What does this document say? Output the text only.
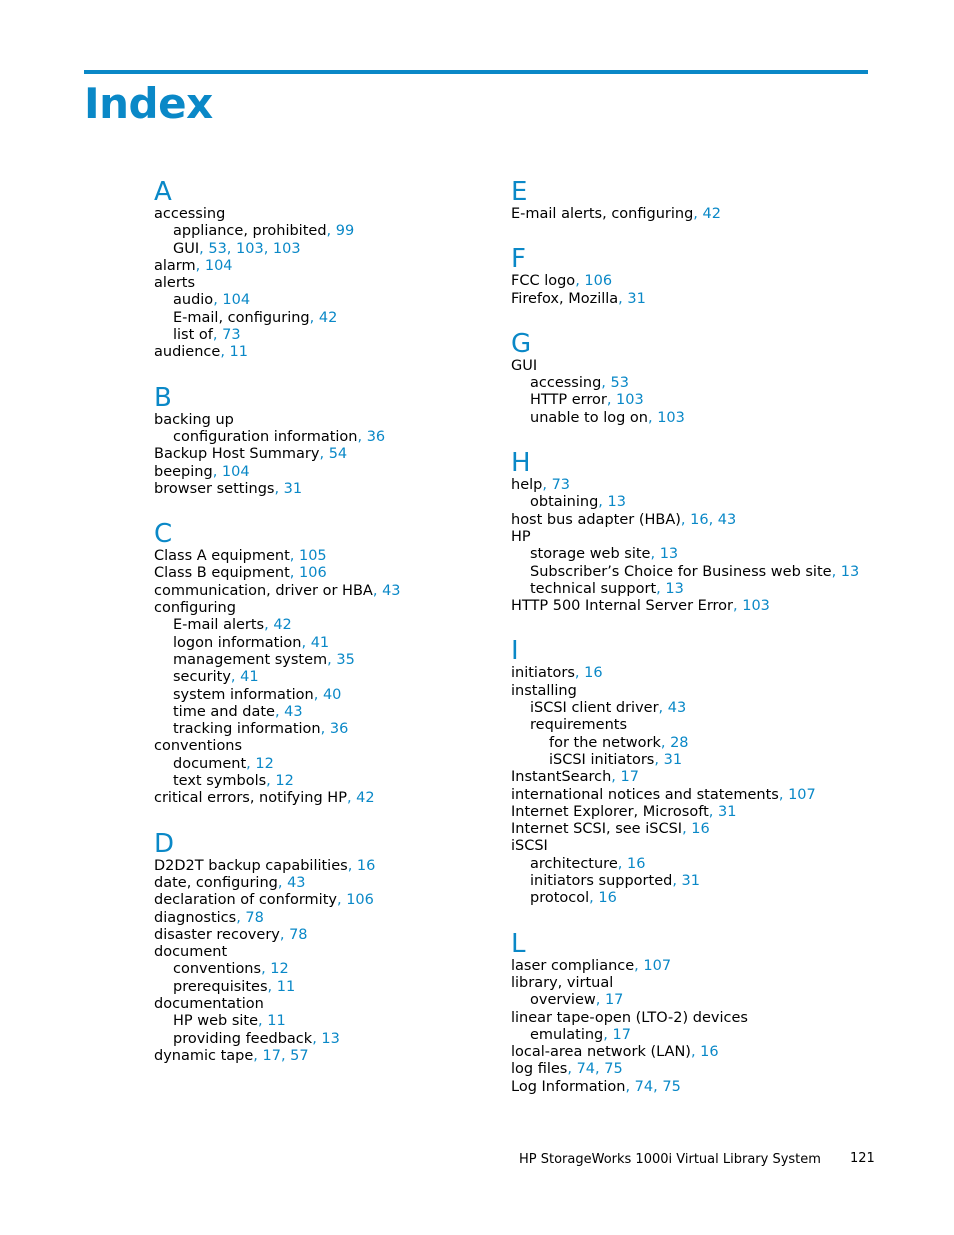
Index
A
accessing
appliance, prohibited, 99
GUI, 53, 103, 103
alarm, 104
alerts
audio, 104
E-mail, configuring, 42
list of, 73
audience, 11
B
backing up
configuration information, 36
Backup Host Summary, 54
beeping, 104
browser settings, 31
C
Class A equipment, 105
Class B equipment, 106
communication, driver or HBA, 43
configuring
E-mail alerts, 42
logon information, 41
management system, 35
security, 41
system information, 40
time and date, 43
tracking information, 36
conventions
document, 12
text symbols, 12
critical errors, notifying HP, 42
D
D2D2T backup capabilities, 16
date, configuring, 43
declaration of conformity, 106
diagnostics, 78
disaster recovery, 78
document
conventions, 12
prerequisites, 11
documentation
HP web site, 11
providing feedback, 13
dynamic tape, 17, 57
E
E-mail alerts, configuring, 42
F
FCC logo, 106
Firefox, Mozilla, 31
G
GUI
accessing, 53
HTTP error, 103
unable to log on, 103
H
help, 73
obtaining, 13
host bus adapter (HBA), 16, 43
HP
storage web site, 13
Subscriber’s Choice for Business web site, 13
technical support, 13
HTTP 500 Internal Server Error, 103
I
initiators, 16
installing
iSCSI client driver, 43
requirements
for the network, 28
iSCSI initiators, 31
InstantSearch, 17
international notices and statements, 107
Internet Explorer, Microsoft, 31
Internet SCSI, see iSCSI, 16
iSCSI
architecture, 16
initiators supported, 31
protocol, 16
L
laser compliance, 107
library, virtual
overview, 17
linear tape-open (LTO-2) devices
emulating, 17
local-area network (LAN), 16
log files, 74, 75
Log Information, 74, 75
HP StorageWorks 1000i Virtual Library System 121
